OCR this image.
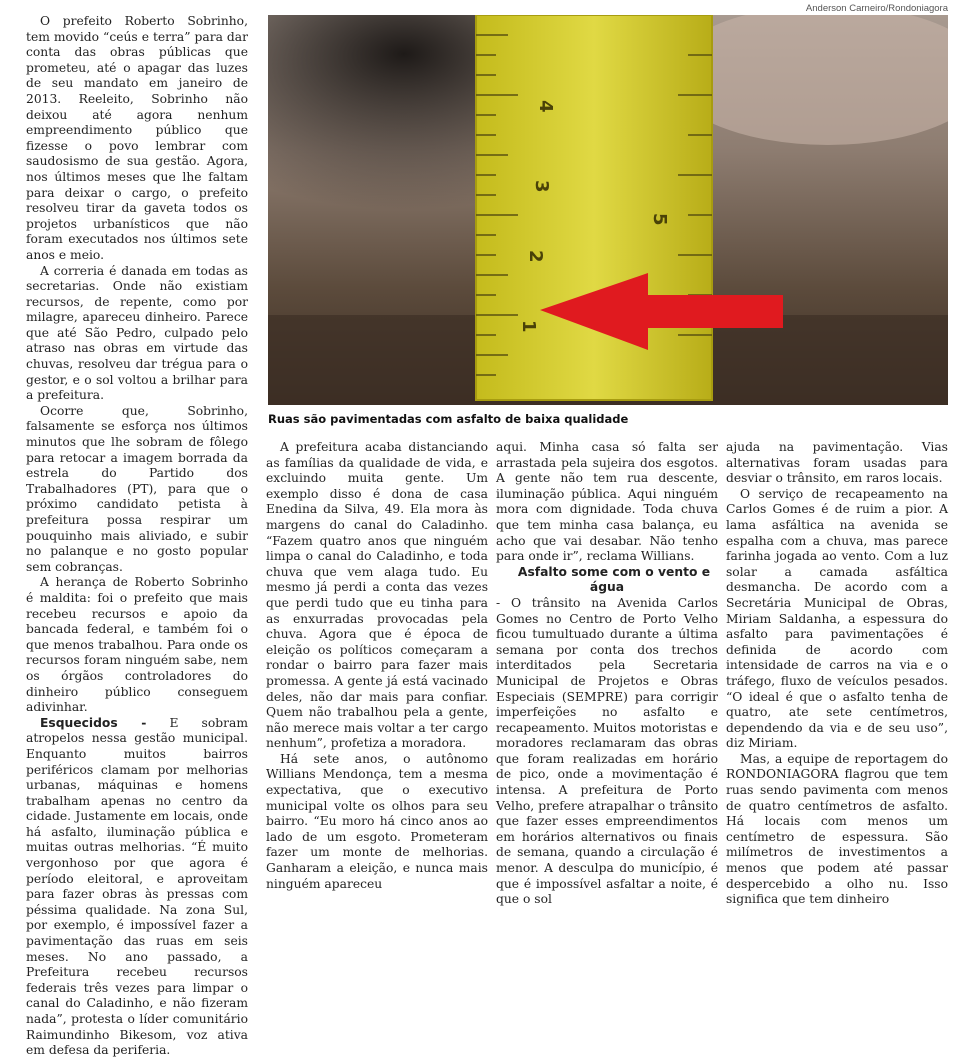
Anderson Carneiro/Rondoniagora
1
2
3
4
5
Ruas são pavimentadas com asfalto de baixa qualidade

O prefeito Roberto Sobrinho, tem movido “ceús e terra” para dar conta das obras públicas que prometeu, até o apagar das luzes de seu mandato em janeiro de 2013. Reeleito, Sobrinho não deixou até agora nenhum empreendimento público que fizesse o povo lembrar com saudosismo de sua gestão. Agora, nos últimos meses que lhe faltam para deixar o cargo, o prefeito resolveu tirar da gaveta todos os projetos urbanísticos que não foram executados nos últimos sete anos e meio.

A correria é danada em todas as secretarias. Onde não existiam recursos, de repente, como por milagre, apareceu dinheiro. Parece que até São Pedro, culpado pelo atraso nas obras em virtude das chuvas, resolveu dar trégua para o gestor, e o sol voltou a brilhar para a prefeitura.

Ocorre que, Sobrinho, falsamente se esforça nos últimos minutos que lhe sobram de fôlego para retocar a imagem borrada da estrela do Partido dos Trabalhadores (PT), para que o próximo candidato petista à prefeitura possa respirar um pouquinho mais aliviado, e subir no palanque e no gosto popular sem cobranças.

A herança de Roberto Sobrinho é maldita: foi o prefeito que mais recebeu recursos e apoio da bancada federal, e também foi o que menos trabalhou. Para onde os recursos foram ninguém sabe, nem os órgãos controladores do dinheiro público conseguem adivinhar.

Esquecidos - E sobram atropelos nessa gestão municipal. Enquanto muitos bairros periféricos clamam por melhorias urbanas, máquinas e homens trabalham apenas no centro da cidade. Justamente em locais, onde há asfalto, iluminação pública e muitas outras melhorias. “É muito vergonhoso por que agora é período eleitoral, e aproveitam para fazer obras às pressas com péssima qualidade. Na zona Sul, por exemplo, é impossível fazer a pavimentação das ruas em seis meses. No ano passado, a Prefeitura recebeu recursos federais três vezes para limpar o canal do Caladinho, e não fizeram nada”, protesta o líder comunitário Raimundinho Bikesom, voz ativa em defesa da periferia.

A prefeitura acaba distanciando as famílias da qualidade de vida, e excluindo muita gente. Um exemplo disso é dona de casa Enedina da Silva, 49. Ela mora às margens do canal do Caladinho. “Fazem quatro anos que ninguém limpa o canal do Caladinho, e toda chuva que vem alaga tudo. Eu mesmo já perdi a conta das vezes que perdi tudo que eu tinha para as enxurradas provocadas pela chuva. Agora que é época de eleição os políticos começaram a rondar o bairro para fazer mais promessa. A gente já está vacinado deles, não dar mais para confiar. Quem não trabalhou pela a gente, não merece mais voltar a ter cargo nenhum”, profetiza a moradora.

Há sete anos, o autônomo Willians Mendonça, tem a mesma expectativa, que o executivo municipal volte os olhos para seu bairro. “Eu moro há cinco anos ao lado de um esgoto. Prometeram fazer um monte de melhorias. Ganharam a eleição, e nunca mais ninguém apareceu

aqui. Minha casa só falta ser arrastada pela sujeira dos esgotos. A gente não tem rua descente, iluminação pública. Aqui ninguém mora com dignidade. Toda chuva que tem minha casa balança, eu acho que vai desabar. Não tenho para onde ir”, reclama Willians.

Asfalto some com o vento e água

- O trânsito na Avenida Carlos Gomes no Centro de Porto Velho ficou tumultuado durante a última semana por conta dos trechos interditados pela Secretaria Municipal de Projetos e Obras Especiais (SEMPRE) para corrigir imperfeições no asfalto e recapeamento. Muitos motoristas e moradores reclamaram das obras que foram realizadas em horário de pico, onde a movimentação é intensa. A prefeitura de Porto Velho, prefere atrapalhar o trânsito que fazer esses empreendimentos em horários alternativos ou finais de semana, quando a circulação é menor. A desculpa do município, é que é impossível asfaltar a noite, é que o sol

ajuda na pavimentação. Vias alternativas foram usadas para desviar o trânsito, em raros locais.

O serviço de recapeamento na Carlos Gomes é de ruim a pior. A lama asfáltica na avenida se espalha com a chuva, mas parece farinha jogada ao vento. Com a luz solar a camada asfáltica desmancha. De acordo com a Secretária Municipal de Obras, Miriam Saldanha, a espessura do asfalto para pavimentações é definida de acordo com intensidade de carros na via e o tráfego, fluxo de veículos pesados. “O ideal é que o asfalto tenha de quatro, ate sete centímetros, dependendo da via e de seu uso”, diz Miriam.

Mas, a equipe de reportagem do RONDONIAGORA flagrou que tem ruas sendo pavimenta com menos de quatro centímetros de asfalto. Há locais com menos um centímetro de espessura. São milímetros de investimentos a menos que podem até passar despercebido a olho nu. Isso significa que tem dinheiro
